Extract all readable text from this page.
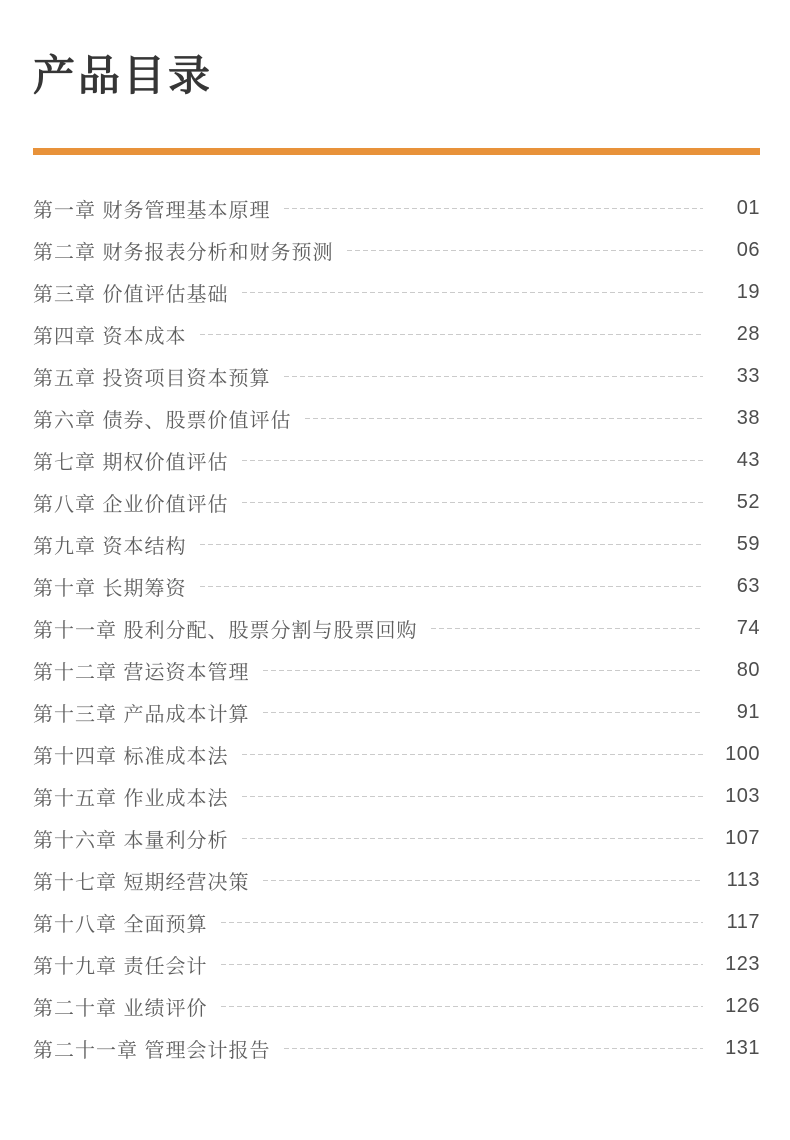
产品目录
第一章 财务管理基本原理	01
第二章 财务报表分析和财务预测	06
第三章 价值评估基础	19
第四章 资本成本	28
第五章 投资项目资本预算	33
第六章 债券、股票价值评估	38
第七章 期权价值评估	43
第八章 企业价值评估	52
第九章 资本结构	59
第十章 长期筹资	63
第十一章 股利分配、股票分割与股票回购	74
第十二章 营运资本管理	80
第十三章 产品成本计算	91
第十四章 标准成本法	100
第十五章 作业成本法	103
第十六章 本量利分析	107
第十七章 短期经营决策	113
第十八章 全面预算	117
第十九章 责任会计	123
第二十章 业绩评价	126
第二十一章 管理会计报告	131
